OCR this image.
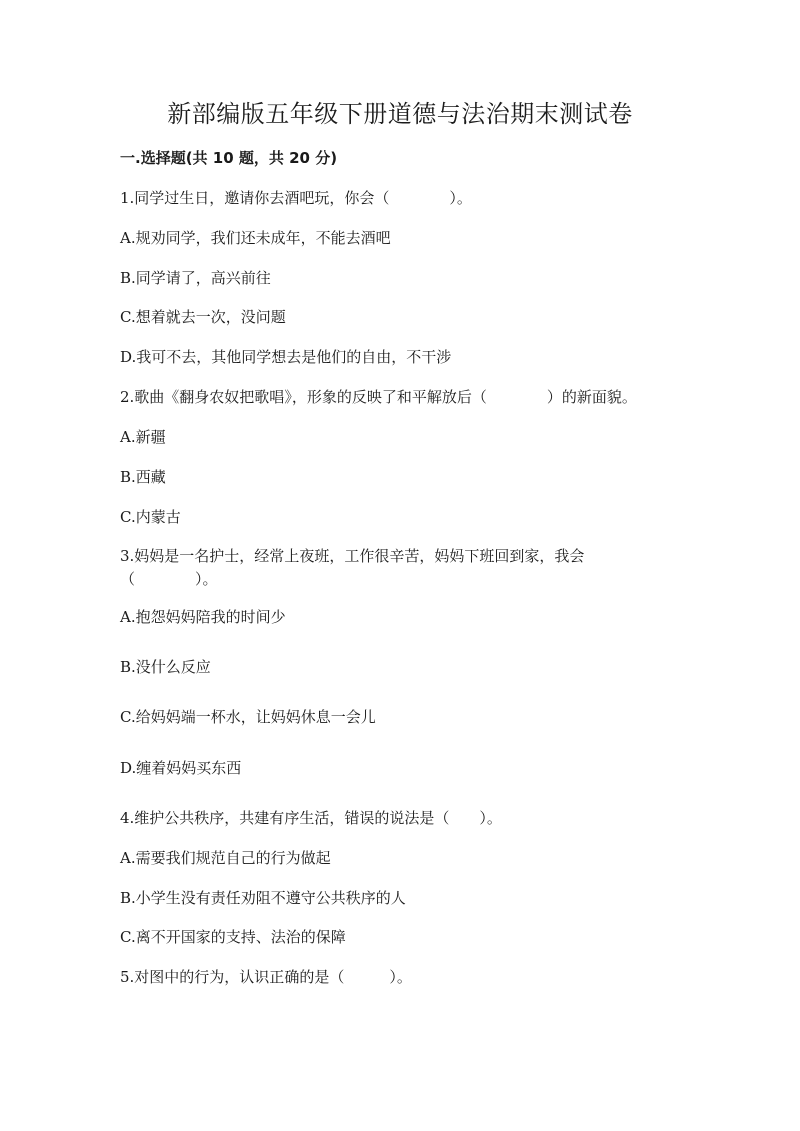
新部编版五年级下册道德与法治期末测试卷
一.选择题(共 10 题，共 20 分)
1.同学过生日，邀请你去酒吧玩，你会（　　　　）。
A.规劝同学，我们还未成年，不能去酒吧
B.同学请了，高兴前往
C.想着就去一次，没问题
D.我可不去，其他同学想去是他们的自由，不干涉
2.歌曲《翻身农奴把歌唱》，形象的反映了和平解放后（　　　　）的新面貌。
A.新疆
B.西藏
C.内蒙古
3.妈妈是一名护士，经常上夜班，工作很辛苦，妈妈下班回到家，我会（　　　　）。
A.抱怨妈妈陪我的时间少
B.没什么反应
C.给妈妈端一杯水，让妈妈休息一会儿
D.缠着妈妈买东西
4.维护公共秩序，共建有序生活，错误的说法是（　　）。
A.需要我们规范自己的行为做起
B.小学生没有责任劝阻不遵守公共秩序的人
C.离不开国家的支持、法治的保障
5.对图中的行为，认识正确的是（　　　）。
